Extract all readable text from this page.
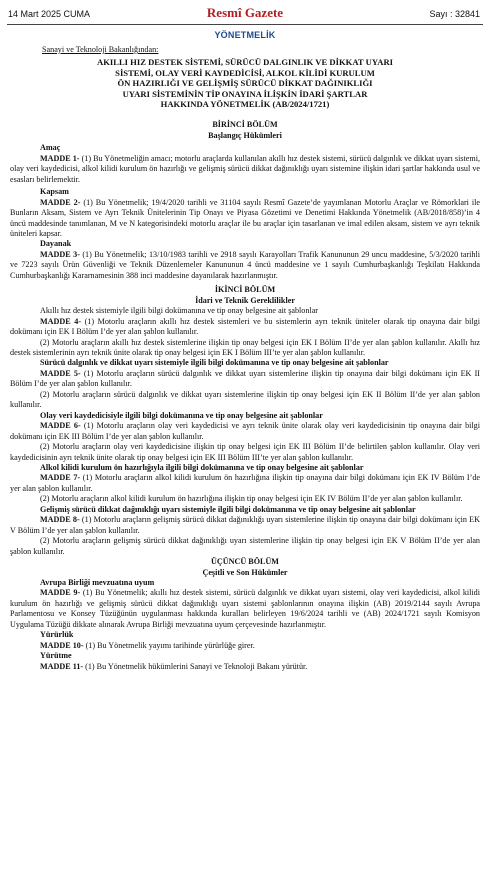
14 Mart 2025 CUMA	Resmî Gazete	Sayı : 32841
YÖNETMELİK

Sanayi ve Teknoloji Bakanlığından:

AKILLI HIZ DESTEK SİSTEMİ, SÜRÜCÜ DALGINLIK VE DİKKAT UYARI
SİSTEMİ, OLAY VERİ KAYDEDİCİSİ, ALKOL KİLİDİ KURULUM
ÖN HAZIRLIĞI VE GELİŞMİŞ SÜRÜCÜ DİKKAT DAĞINIKLIĞI
UYARI SİSTEMİNİN TİP ONAYINA İLİŞKİN İDARİ ŞARTLAR
HAKKINDA YÖNETMELİK (AB/2024/1721)

BİRİNCİ BÖLÜM

Başlangıç Hükümleri

Amaç

MADDE 1- (1) Bu Yönetmeliğin amacı; motorlu araçlarda kullanılan akıllı hız destek sistemi, sürücü dalgınlık ve dikkat uyarı sistemi, olay veri kaydedicisi, alkol kilidi kurulum ön hazırlığı ve gelişmiş sürücü dikkat dağınıklığı uyarı sistemine ilişkin idari şartlar hakkında usul ve esasları belirlemektir.

Kapsam

MADDE 2- (1) Bu Yönetmelik; 19/4/2020 tarihli ve 31104 sayılı Resmî Gazete’de yayımlanan Motorlu Araçlar ve Römorklari ile Bunların Aksam, Sistem ve Ayrı Teknik Ünitelerinin Tip Onayı ve Piyasa Gözetimi ve Denetimi Hakkında Yönetmelik (AB/2018/858)’in 4 üncü maddesinde tanımlanan, M ve N kategorisindeki motorlu araçlar ile bu araçlar için tasarlanan ve imal edilen aksam, sistem ve ayrı teknik üniteleri kapsar.

Dayanak

MADDE 3- (1) Bu Yönetmelik; 13/10/1983 tarihli ve 2918 sayılı Karayolları Trafik Kanununun 29 uncu maddesine, 5/3/2020 tarihli ve 7223 sayılı Ürün Güvenliği ve Teknik Düzenlemeler Kanununun 4 üncü maddesine ve 1 sayılı Cumhurbaşkanlığı Teşkilatı Hakkında Cumhurbaşkanlığı Kararnamesinin 388 inci maddesine dayanılarak hazırlanmıştır.

İKİNCİ BÖLÜM

İdari ve Teknik Gereklilikler

Akıllı hız destek sistemiyle ilgili bilgi dokümanına ve tip onay belgesine ait şablonlar

MADDE 4- (1) Motorlu araçların akıllı hız destek sistemleri ve bu sistemlerin ayrı teknik üniteler olarak tip onayına dair bilgi dokümanı için EK I Bölüm I’de yer alan şablon kullanılır.

(2) Motorlu araçların akıllı hız destek sistemlerine ilişkin tip onay belgesi için EK I Bölüm II’de yer alan şablon kullanılır. Akıllı hız destek sistemlerinin ayrı teknik ünite olarak tip onay belgesi için EK I Bölüm III’te yer alan şablon kullanılır.

Sürücü dalgınlık ve dikkat uyarı sistemiyle ilgili bilgi dokümanına ve tip onay belgesine ait şablonlar

MADDE 5- (1) Motorlu araçların sürücü dalgınlık ve dikkat uyarı sistemlerine ilişkin tip onayına dair bilgi dokümanı için EK II Bölüm I’de yer alan şablon kullanılır.

(2) Motorlu araçların sürücü dalgınlık ve dikkat uyarı sistemlerine ilişkin tip onay belgesi için EK II Bölüm II’de yer alan şablon kullanılır.

Olay veri kaydedicisiyle ilgili bilgi dokümanına ve tip onay belgesine ait şablonlar

MADDE 6- (1) Motorlu araçların olay veri kaydedicisi ve ayrı teknik ünite olarak olay veri kaydedicisinin tip onayına dair bilgi dokümanı için EK III Bölüm I’de yer alan şablon kullanılır.

(2) Motorlu araçların olay veri kaydedicisine ilişkin tip onay belgesi için EK III Bölüm II’de belirtilen şablon kullanılır. Olay veri kaydedicisinin ayrı teknik ünite olarak tip onay belgesi için EK III Bölüm III’te yer alan şablon kullanılır.

Alkol kilidi kurulum ön hazırlığıyla ilgili bilgi dokümanına ve tip onay belgesine ait şablonlar

MADDE 7- (1) Motorlu araçların alkol kilidi kurulum ön hazırlığına ilişkin tip onayına dair bilgi dokümanı için EK IV Bölüm I’de yer alan şablon kullanılır.

(2) Motorlu araçların alkol kilidi kurulum ön hazırlığına ilişkin tip onay belgesi için EK IV Bölüm II’de yer alan şablon kullanılır.

Gelişmiş sürücü dikkat dağınıklığı uyarı sistemiyle ilgili bilgi dokümanına ve tip onay belgesine ait şablonlar

MADDE 8- (1) Motorlu araçların gelişmiş sürücü dikkat dağınıklığı uyarı sistemlerine ilişkin tip onayına dair bilgi dokümanı için EK V Bölüm I’de yer alan şablon kullanılır.

(2) Motorlu araçların gelişmiş sürücü dikkat dağınıklığı uyarı sistemlerine ilişkin tip onay belgesi için EK V Bölüm II’de yer alan şablon kullanılır.

ÜÇÜNCÜ BÖLÜM

Çeşitli ve Son Hükümler

Avrupa Birliği mevzuatına uyum

MADDE 9- (1) Bu Yönetmelik; akıllı hız destek sistemi, sürücü dalgınlık ve dikkat uyarı sistemi, olay veri kaydedicisi, alkol kilidi kurulum ön hazırlığı ve gelişmiş sürücü dikkat dağınıklığı uyarı sistemi şablonlarının onayına ilişkin (AB) 2019/2144 sayılı Avrupa Parlamentosu ve Konsey Tüzüğünün uygulanması hakkında kuralları belirleyen 19/6/2024 tarihli ve (AB) 2024/1721 sayılı Komisyon Uygulama Tüzüğü dikkate alınarak Avrupa Birliği mevzuatına uyum çerçevesinde hazırlanmıştır.

Yürürlük

MADDE 10- (1) Bu Yönetmelik yayımı tarihinde yürürlüğe girer.

Yürütme

MADDE 11- (1) Bu Yönetmelik hükümlerini Sanayi ve Teknoloji Bakanı yürütür.
